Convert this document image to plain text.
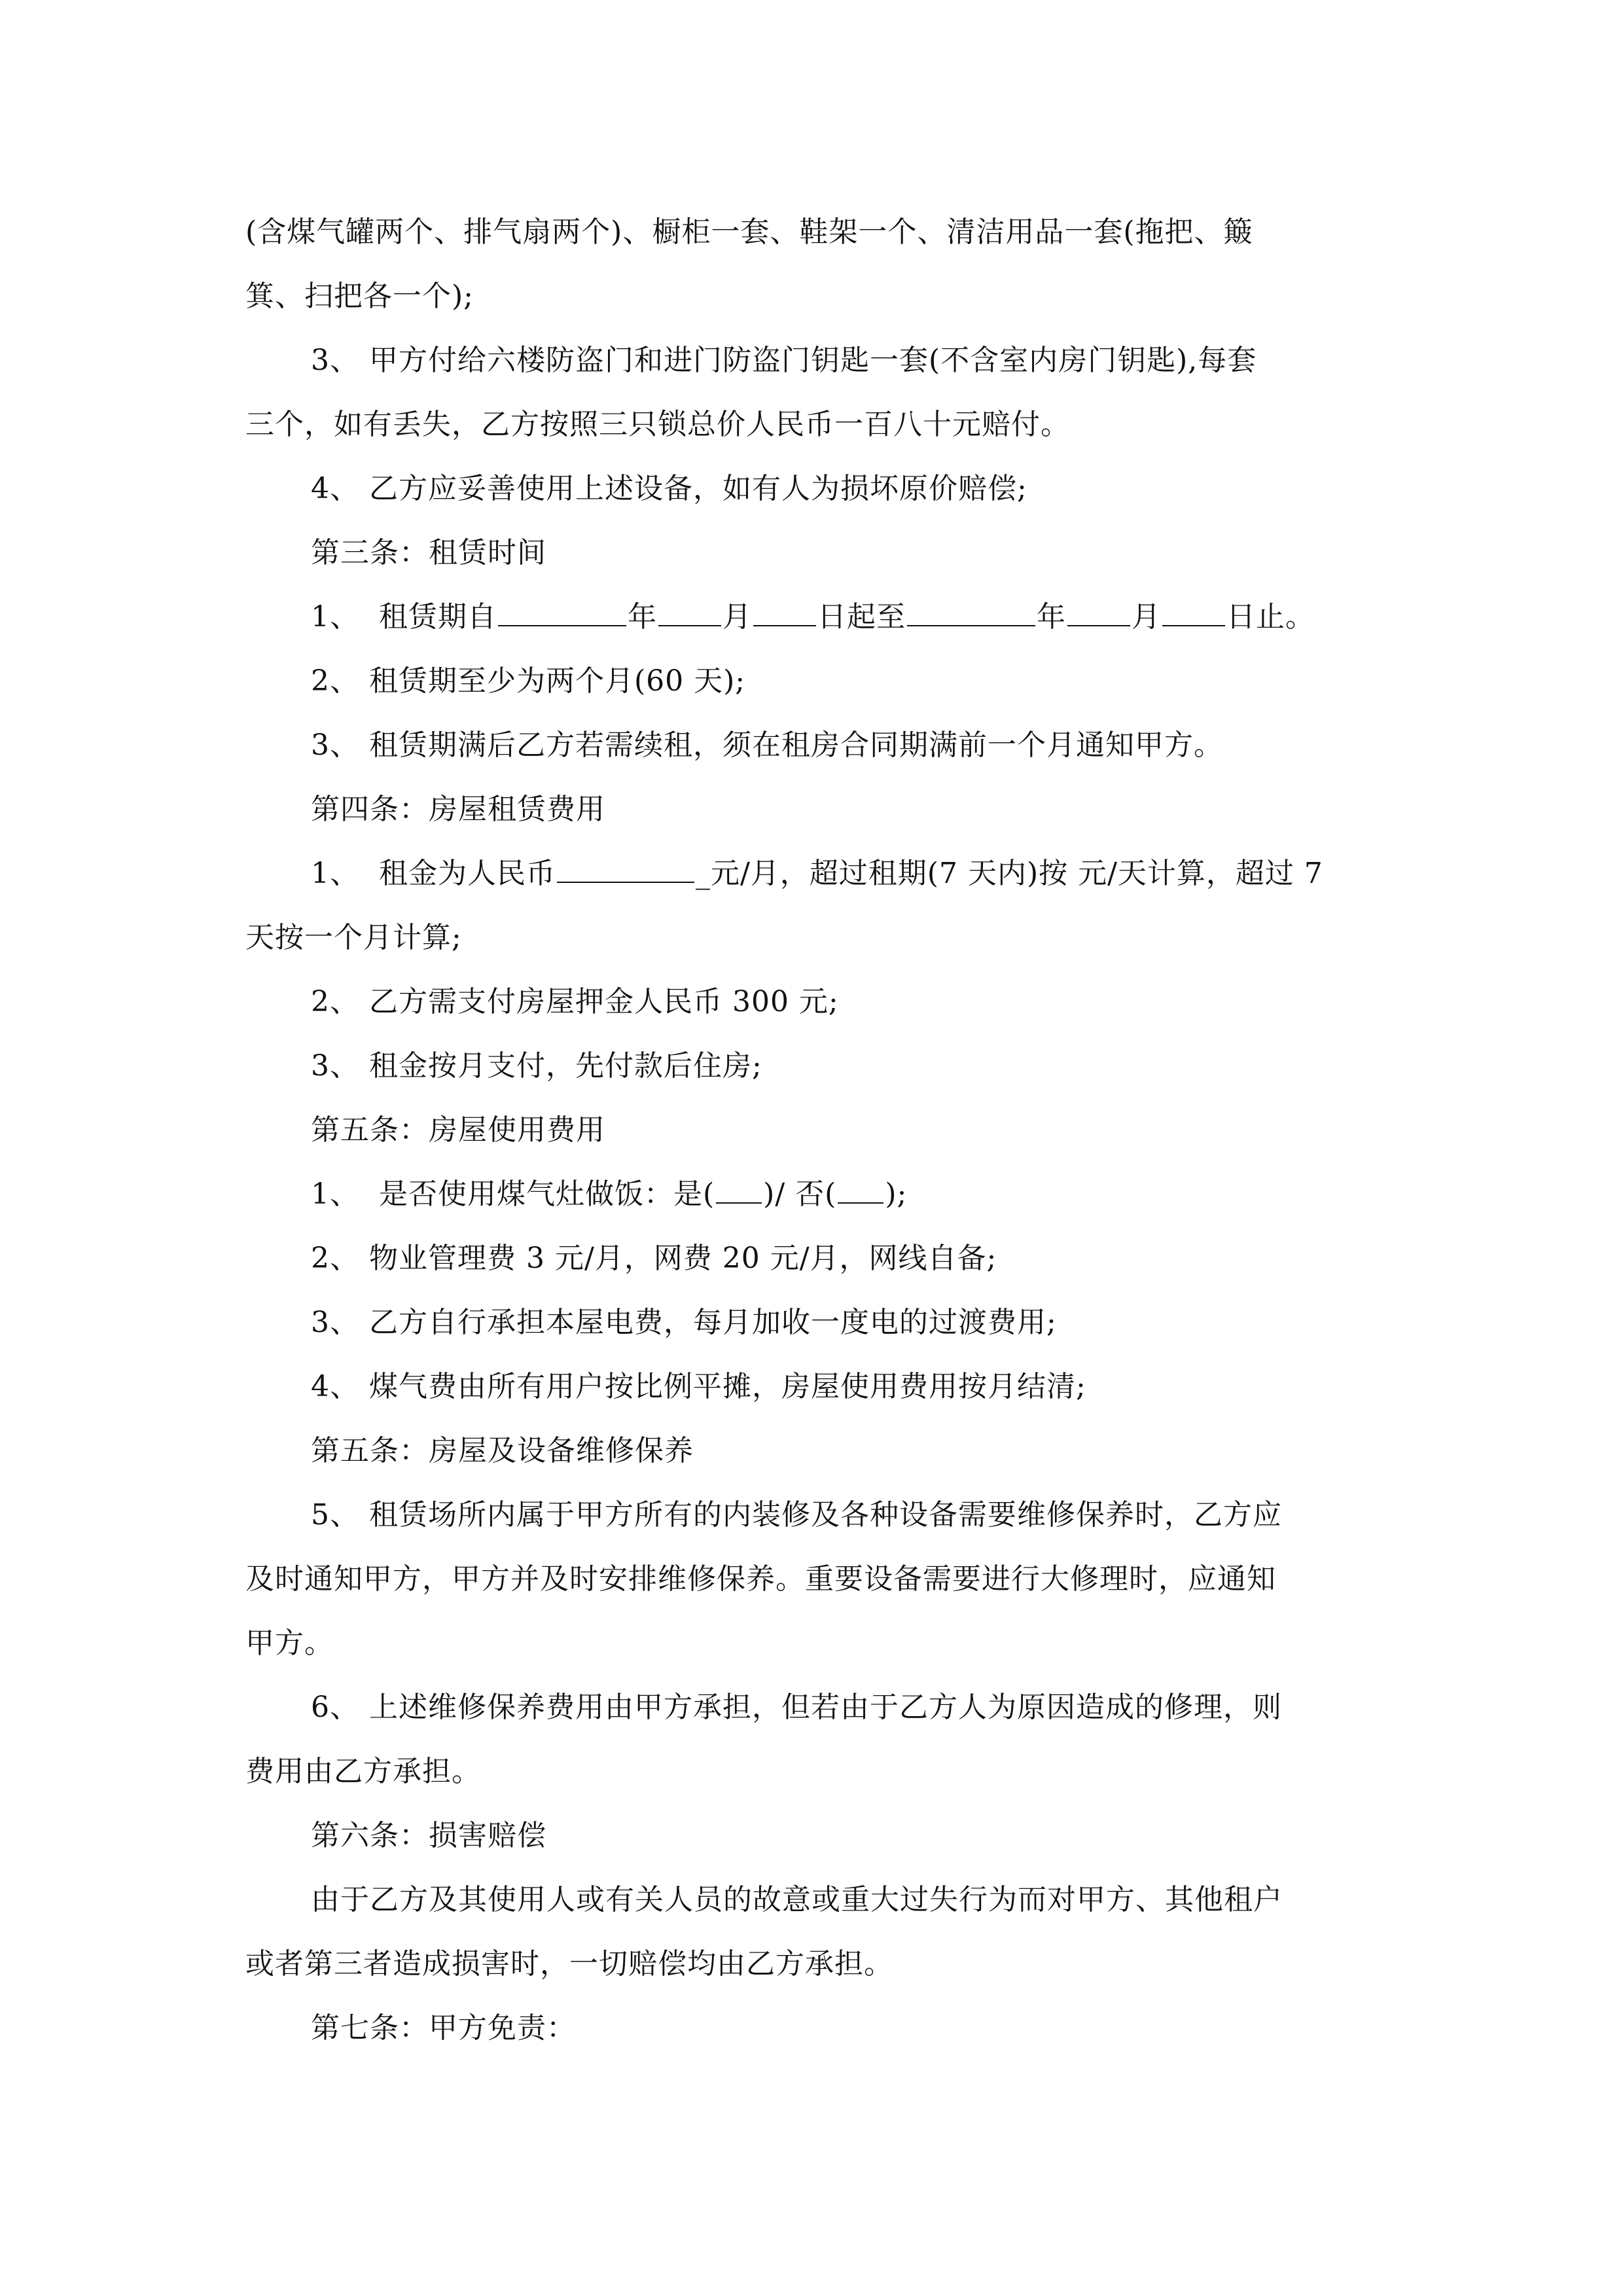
(含煤气罐两个、排气扇两个)、橱柜一套、鞋架一个、清洁用品一套(拖把、簸
箕、扫把各一个);
3、 甲方付给六楼防盗门和进门防盗门钥匙一套(不含室内房门钥匙),每套
三个，如有丢失，乙方按照三只锁总价人民币一百八十元赔付。
4、 乙方应妥善使用上述设备，如有人为损坏原价赔偿;
第三条：租赁时间
1、 租赁期自	年 月 日起至	年 月 日止。
2、 租赁期至少为两个月(60 天);
3、 租赁期满后乙方若需续租，须在租房合同期满前一个月通知甲方。
第四条：房屋租赁费用
1、 租金为人民币	_元/月，超过租期(7 天内)按 元/天计算，超过 7
天按一个月计算;
2、 乙方需支付房屋押金人民币 300 元;
3、 租金按月支付，先付款后住房;
第五条：房屋使用费用
1、 是否使用煤气灶做饭：是( )/ 否( );
2、 物业管理费 3 元/月，网费 20 元/月，网线自备;
3、 乙方自行承担本屋电费，每月加收一度电的过渡费用;
4、 煤气费由所有用户按比例平摊，房屋使用费用按月结清;
第五条：房屋及设备维修保养
5、 租赁场所内属于甲方所有的内装修及各种设备需要维修保养时，乙方应
及时通知甲方，甲方并及时安排维修保养。重要设备需要进行大修理时，应通知
甲方。
6、 上述维修保养费用由甲方承担，但若由于乙方人为原因造成的修理，则
费用由乙方承担。
第六条：损害赔偿
由于乙方及其使用人或有关人员的故意或重大过失行为而对甲方、其他租户
或者第三者造成损害时，一切赔偿均由乙方承担。
第七条：甲方免责：
